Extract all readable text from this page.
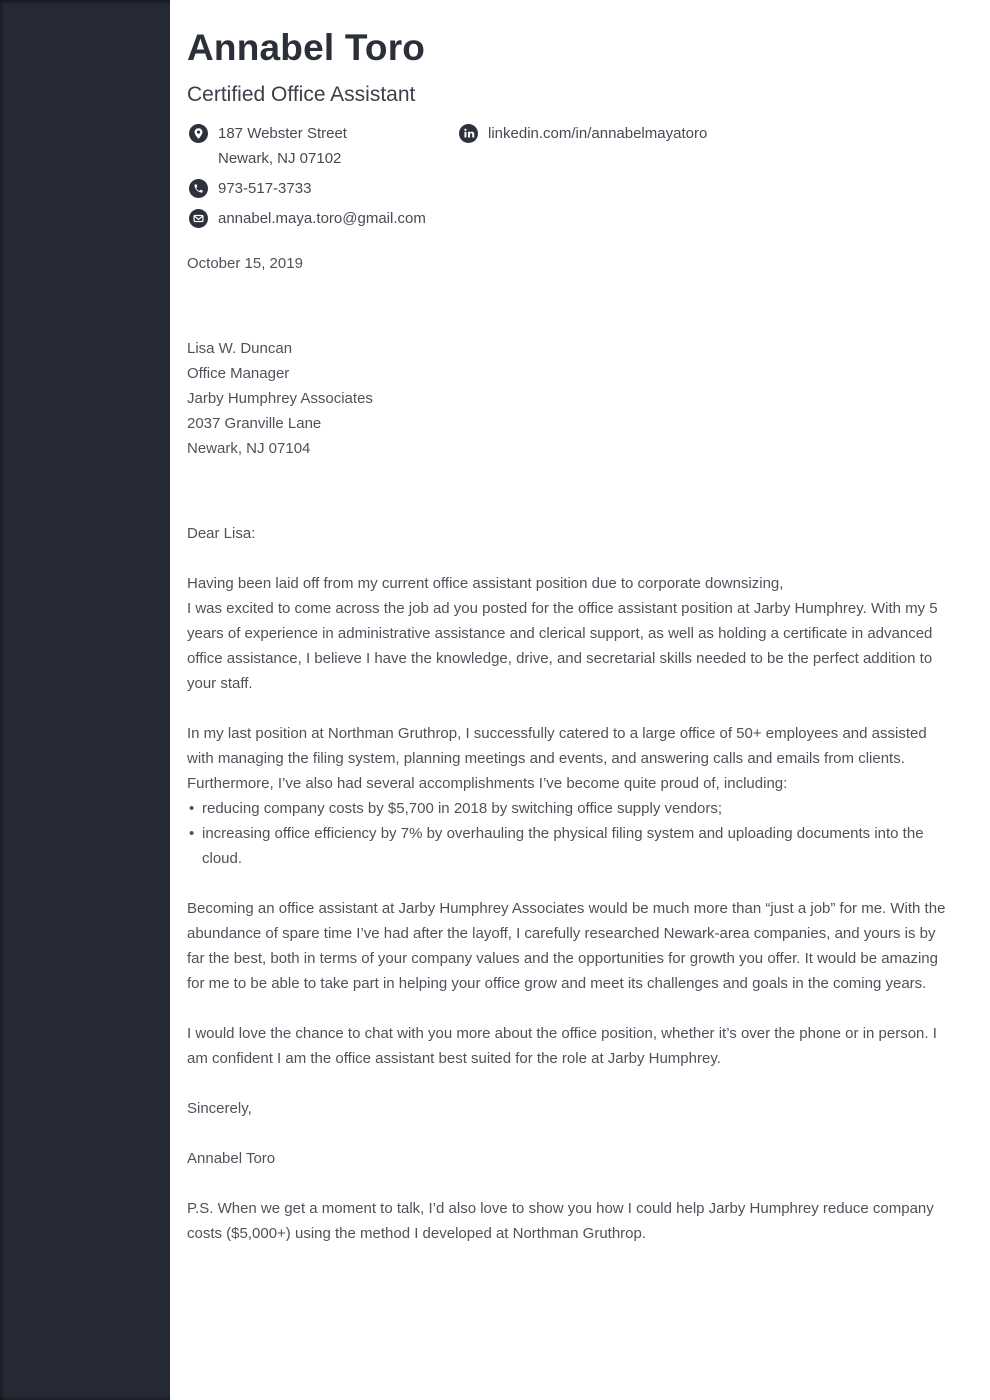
Annabel Toro
Certified Office Assistant
187 Webster Street
Newark, NJ 07102
973-517-3733
annabel.maya.toro@gmail.com
linkedin.com/in/annabelmayatoro
October 15, 2019
Lisa W. Duncan
Office Manager
Jarby Humphrey Associates
2037 Granville Lane
Newark, NJ 07104

Dear Lisa:

Having been laid off from my current office assistant position due to corporate downsizing,
I was excited to come across the job ad you posted for the office assistant position at Jarby Humphrey. With my 5 years of experience in administrative assistance and clerical support, as well as holding a certificate in advanced office assistance, I believe I have the knowledge, drive, and secretarial skills needed to be the perfect addition to your staff.

In my last position at Northman Gruthrop, I successfully catered to a large office of 50+ employees and assisted with managing the filing system, planning meetings and events, and answering calls and emails from clients. Furthermore, I’ve also had several accomplishments I’ve become quite proud of, including:

• reducing company costs by $5,700 in 2018 by switching office supply vendors;
• increasing office efficiency by 7% by overhauling the physical filing system and uploading documents into the cloud.

Becoming an office assistant at Jarby Humphrey Associates would be much more than “just a job” for me. With the abundance of spare time I’ve had after the layoff, I carefully researched Newark-area companies, and yours is by far the best, both in terms of your company values and the opportunities for growth you offer. It would be amazing for me to be able to take part in helping your office grow and meet its challenges and goals in the coming years.

I would love the chance to chat with you more about the office position, whether it’s over the phone or in person. I am confident I am the office assistant best suited for the role at Jarby Humphrey.

Sincerely,

Annabel Toro

P.S. When we get a moment to talk, I’d also love to show you how I could help Jarby Humphrey reduce company costs ($5,000+) using the method I developed at Northman Gruthrop.
